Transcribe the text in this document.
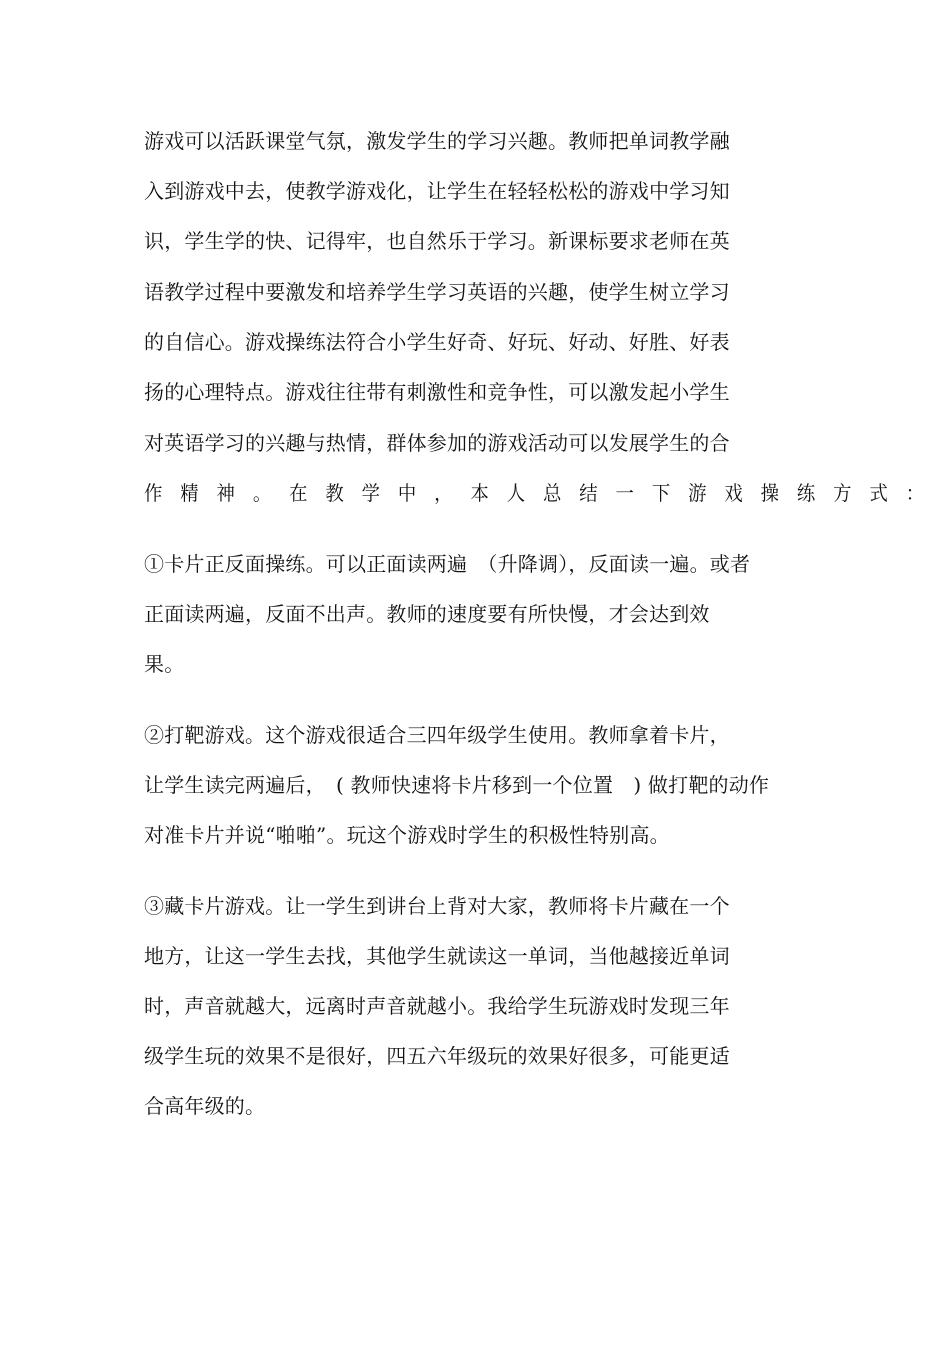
游戏可以活跃课堂气氛，激发学生的学习兴趣。教师把单词教学融
入到游戏中去，使教学游戏化，让学生在轻轻松松的游戏中学习知
识，学生学的快、记得牢，也自然乐于学习。新课标要求老师在英
语教学过程中要激发和培养学生学习英语的兴趣，使学生树立学习
的自信心。游戏操练法符合小学生好奇、好玩、好动、好胜、好表
扬的心理特点。游戏往往带有刺激性和竞争性，可以激发起小学生
对英语学习的兴趣与热情，群体参加的游戏活动可以发展学生的合
作精神。在教学中，本人总结一下游戏操练方式：
①卡片正反面操练。可以正面读两遍　（升降调），反面读一遍。或者
正面读两遍，反面不出声。教师的速度要有所快慢，才会达到效
果。
②打靶游戏。这个游戏很适合三四年级学生使用。教师拿着卡片，
让学生读完两遍后，　( 教师快速将卡片移到一个位置　) 做打靶的动作
对准卡片并说“啪啪”。玩这个游戏时学生的积极性特别高。
③藏卡片游戏。让一学生到讲台上背对大家，教师将卡片藏在一个
地方，让这一学生去找，其他学生就读这一单词，当他越接近单词
时，声音就越大，远离时声音就越小。我给学生玩游戏时发现三年
级学生玩的效果不是很好，四五六年级玩的效果好很多，可能更适
合高年级的。
